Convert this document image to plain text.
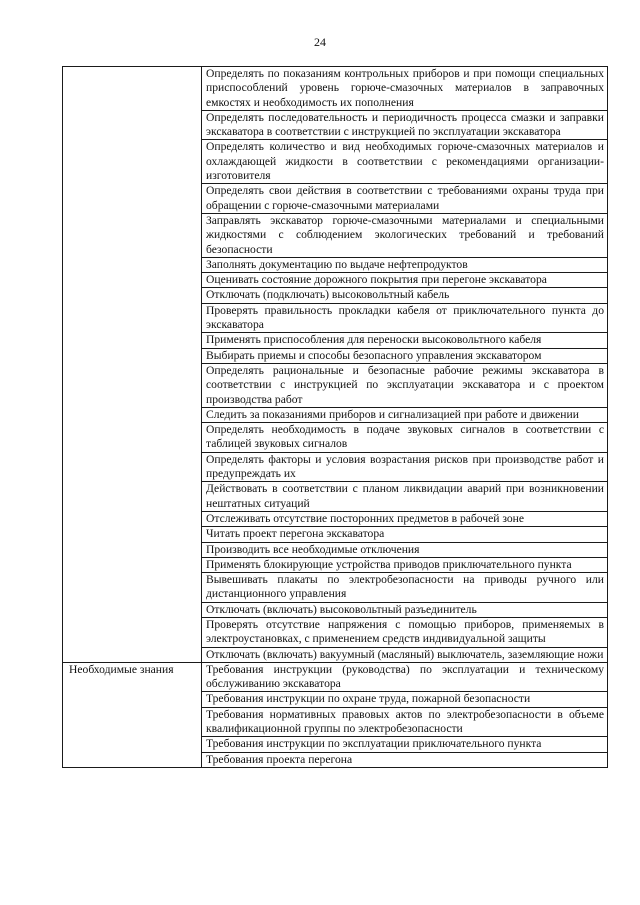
24
	Определять по показаниям контрольных приборов и при помощи специальных приспособлений уровень горюче-смазочных материалов в заправочных емкостях и необходимость их пополнения
	Определять последовательность и периодичность процесса смазки и заправки экскаватора в соответствии с инструкцией по эксплуатации экскаватора
	Определять количество и вид необходимых горюче-смазочных материалов и охлаждающей жидкости в соответствии с рекомендациями организации-изготовителя
	Определять свои действия в соответствии с требованиями охраны труда при обращении с горюче-смазочными материалами
	Заправлять экскаватор горюче-смазочными материалами и специальными жидкостями с соблюдением экологических требований и требований безопасности
	Заполнять документацию по выдаче нефтепродуктов
	Оценивать состояние дорожного покрытия при перегоне экскаватора
	Отключать (подключать) высоковольтный кабель
	Проверять правильность прокладки кабеля от приключательного пункта до экскаватора
	Применять приспособления для переноски высоковольтного кабеля
	Выбирать приемы и способы безопасного управления экскаватором
	Определять рациональные и безопасные рабочие режимы экскаватора в соответствии с инструкцией по эксплуатации экскаватора и с проектом производства работ
	Следить за показаниями приборов и сигнализацией при работе и движении
	Определять необходимость в подаче звуковых сигналов в соответствии с таблицей звуковых сигналов
	Определять факторы и условия возрастания рисков при производстве работ и предупреждать их
	Действовать в соответствии с планом ликвидации аварий при возникновении нештатных ситуаций
	Отслеживать отсутствие посторонних предметов в рабочей зоне
	Читать проект перегона экскаватора
	Производить все необходимые отключения
	Применять блокирующие устройства приводов приключательного пункта
	Вывешивать плакаты по электробезопасности на приводы ручного или дистанционного управления
	Отключать (включать) высоковольтный разъединитель
	Проверять отсутствие напряжения с помощью приборов, применяемых в электроустановках, с применением средств индивидуальной защиты
	Отключать (включать) вакуумный (масляный) выключатель, заземляющие ножи
Необходимые знания	Требования инструкции (руководства) по эксплуатации и техническому обслуживанию экскаватора
	Требования инструкции по охране труда, пожарной безопасности
	Требования нормативных правовых актов по электробезопасности в объеме квалификационной группы по электробезопасности
	Требования инструкции по эксплуатации приключательного пункта
	Требования проекта перегона
